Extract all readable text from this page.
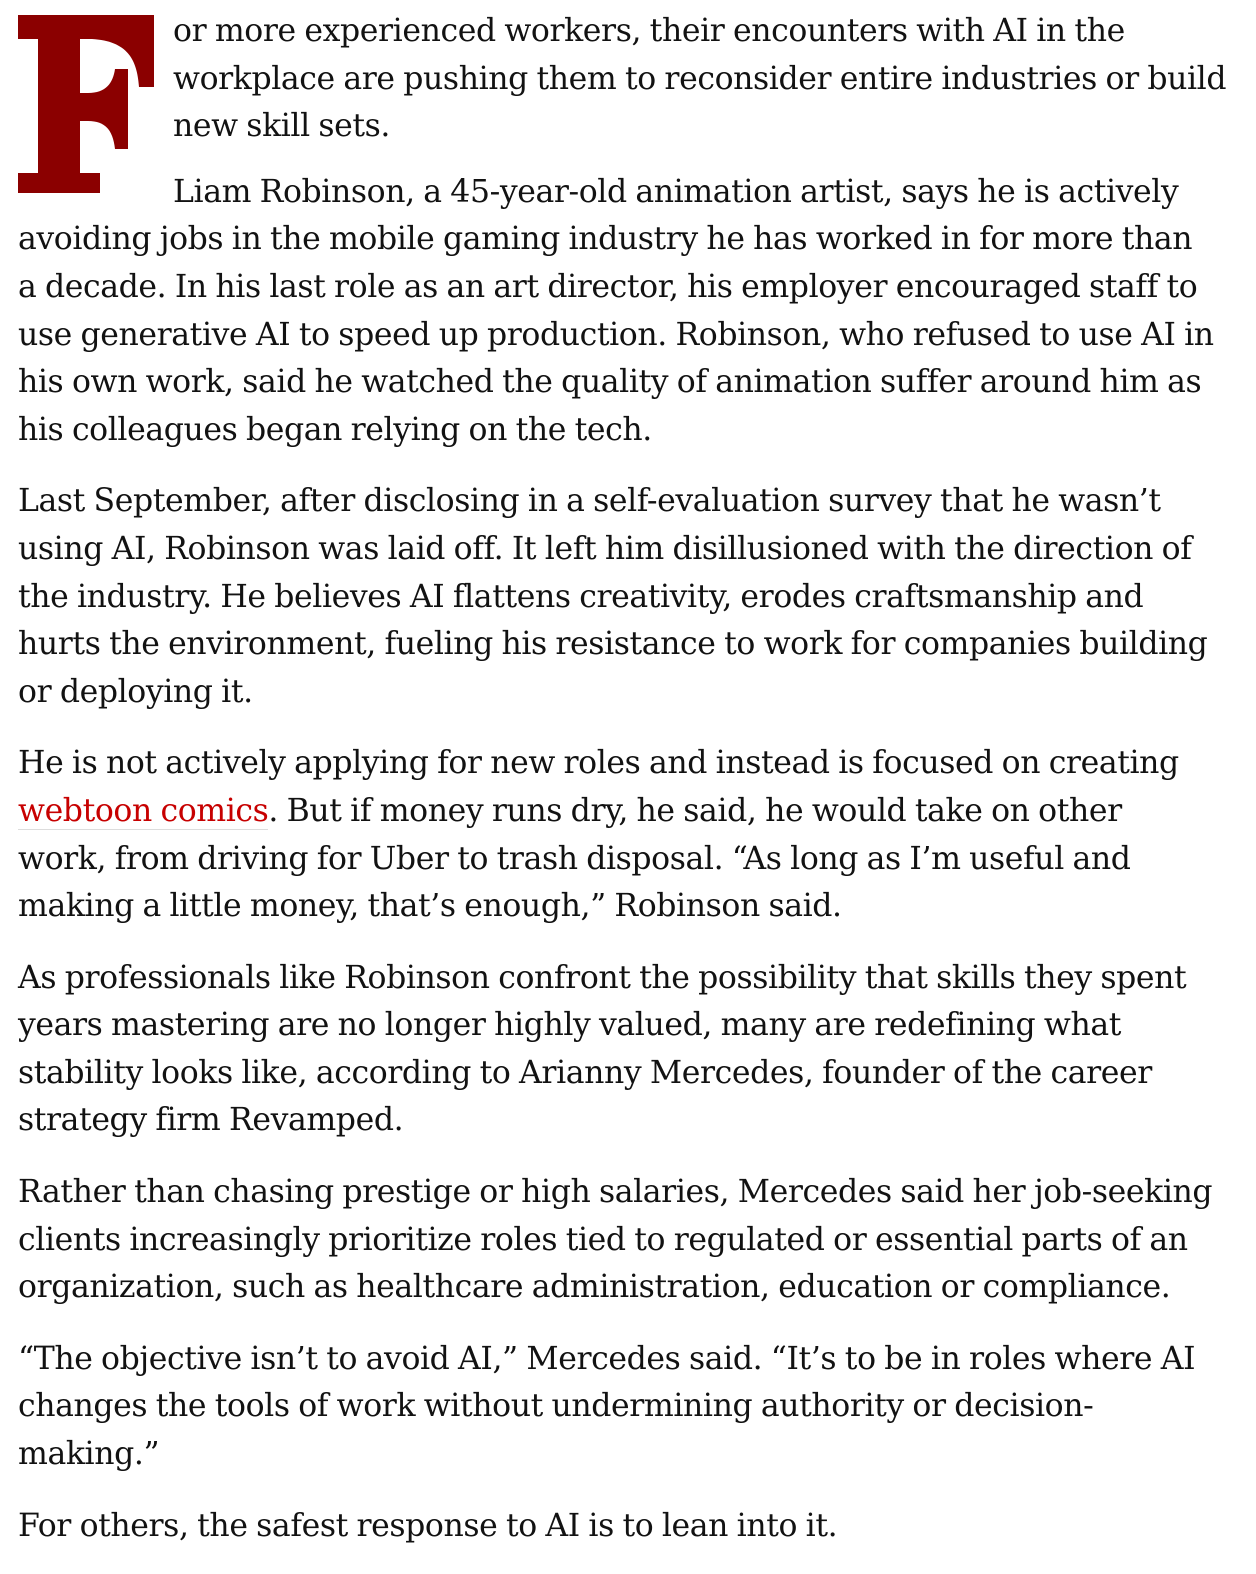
or more experienced workers, their encounters with AI in the
workplace are pushing them to reconsider entire industries or build
new skill sets.

Liam Robinson, a 45-year-old animation artist, says he is actively
avoiding jobs in the mobile gaming industry he has worked in for more than
a decade. In his last role as an art director, his employer encouraged staff to
use generative AI to speed up production. Robinson, who refused to use AI in
his own work, said he watched the quality of animation suffer around him as
his colleagues began relying on the tech.

Last September, after disclosing in a self-evaluation survey that he wasn’t
using AI, Robinson was laid off. It left him disillusioned with the direction of
the industry. He believes AI flattens creativity, erodes craftsmanship and
hurts the environment, fueling his resistance to work for companies building
or deploying it.

He is not actively applying for new roles and instead is focused on creating
webtoon comics. But if money runs dry, he said, he would take on other
work, from driving for Uber to trash disposal. “As long as I’m useful and
making a little money, that’s enough,” Robinson said.

As professionals like Robinson confront the possibility that skills they spent
years mastering are no longer highly valued, many are redefining what
stability looks like, according to Arianny Mercedes, founder of the career
strategy firm Revamped.

Rather than chasing prestige or high salaries, Mercedes said her job-seeking
clients increasingly prioritize roles tied to regulated or essential parts of an
organization, such as healthcare administration, education or compliance.

“The objective isn’t to avoid AI,” Mercedes said. “It’s to be in roles where AI
changes the tools of work without undermining authority or decision-
making.”

For others, the safest response to AI is to lean into it.
